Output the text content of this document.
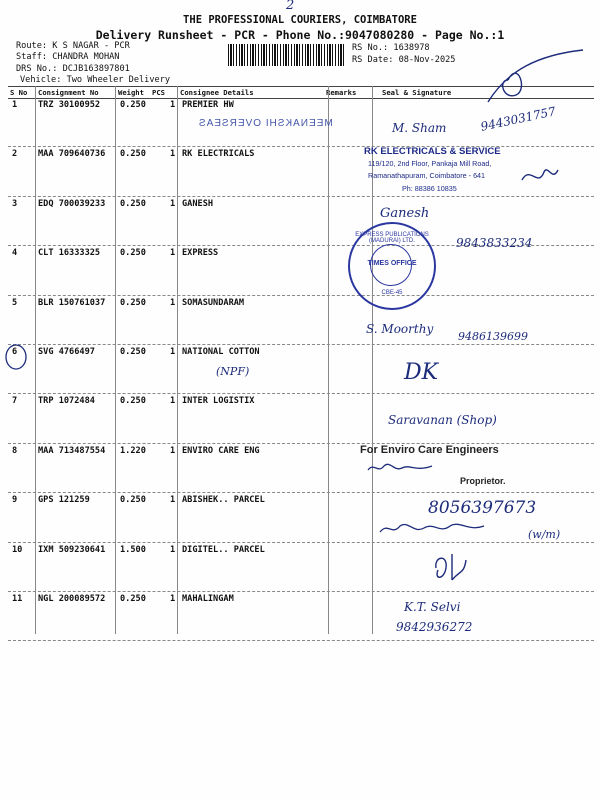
THE PROFESSIONAL COURIERS, COIMBATORE
Delivery Runsheet - PCR - Phone No.:9047080280 - Page No.:1
Route: K S NAGAR - PCR
Staff: CHANDRA MOHAN
DRS No.: DCJB163897801
Vehicle: Two Wheeler Delivery
RS No.: 1638978
RS Date: 08-Nov-2025
S No Consignment No	Weight PCS Consignee Details	Remarks	Seal & Signature
1 TRZ 30100952 0.250	1 PREMIER HW
2 MAA 709640736 0.250	1 RK ELECTRICALS
3 EDQ 700039233 0.250	1 GANESH
4 CLT 16333325 0.250	1 EXPRESS
5 BLR 150761037 0.250	1 SOMASUNDARAM
6 SVG 4766497	0.250	1 NATIONAL COTTON
7 TRP 1072484	0.250	1 INTER LOGISTIX
8 MAA 713487554 1.220	1 ENVIRO CARE ENG
9 GPS 121259	0.250	1 ABISHEK.. PARCEL
10 IXM 509230641 1.500	1 DIGITEL.. PARCEL
11 NGL 200089572 0.250	1 MAHALINGAM
2
MEENAKSHI OVERSEAS	M. Sham	9443031757
RK ELECTRICALS & SERVICE
119/120, 2nd Floor, Pankaja Mill Road,
Ramanathapuram, Coimbatore - 641
Ph: 88386 10835
Ganesh
9843833234
EXPRESS PUBLICATIONS (MADURAI) LTD.
TIMES OFFICE
CBE-45
S. Moorthy
9486139699
(NPF)	DK
Saravanan (Shop)
For Enviro Care Engineers
Proprietor.
8056397673
(w/m)
K.T. Selvi
9842936272
